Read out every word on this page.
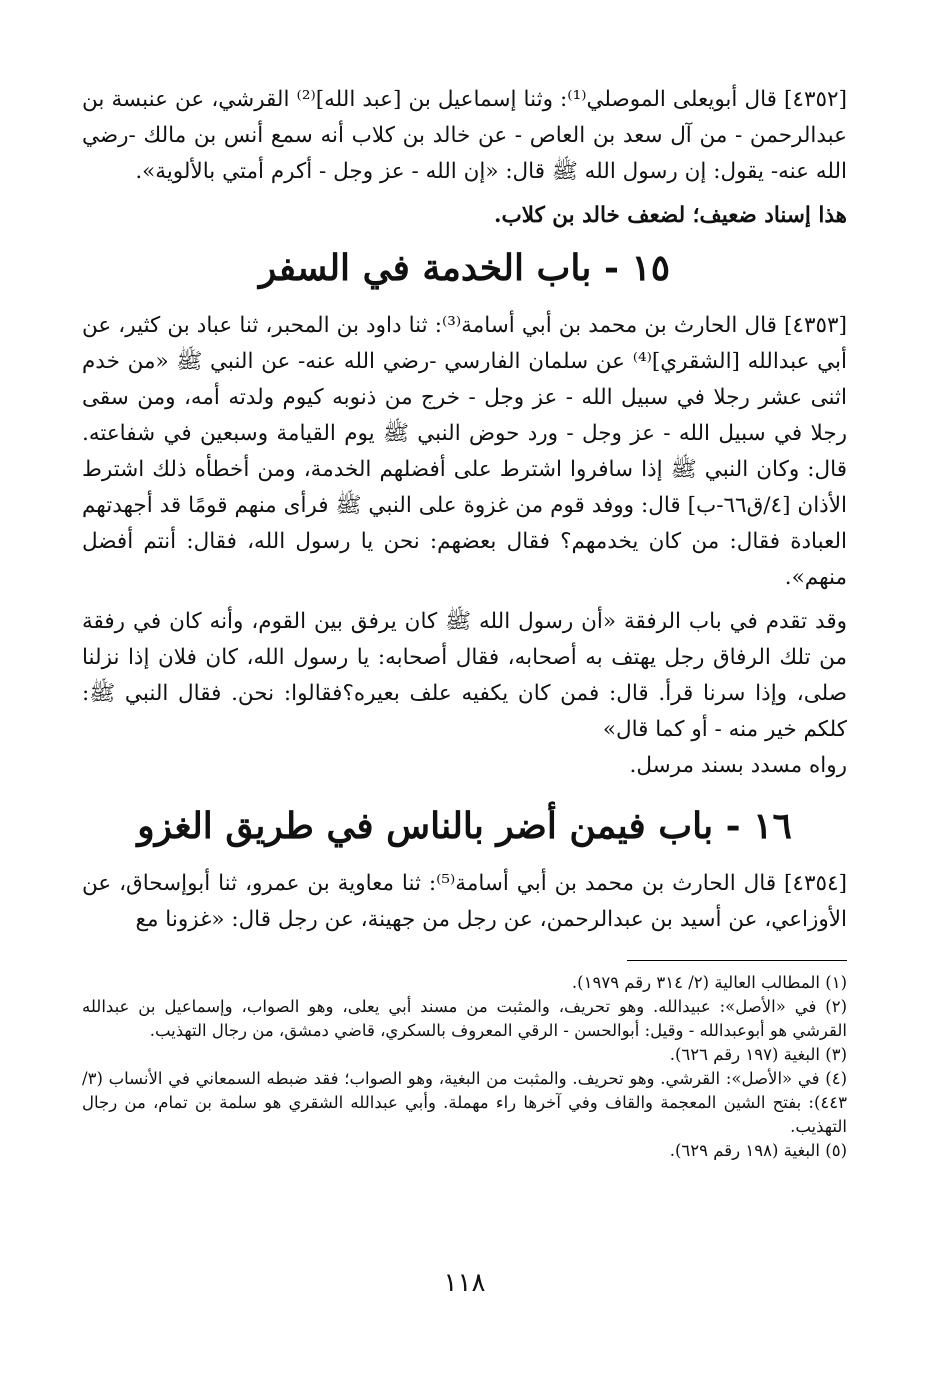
[٤٣٥٢] قال أبويعلى الموصلي⁽¹⁾: وثنا إسماعيل بن [عبد الله]⁽²⁾ القرشي، عن عنبسة بن عبدالرحمن - من آل سعد بن العاص - عن خالد بن كلاب أنه سمع أنس بن مالك -رضي الله عنه- يقول: إن رسول الله ﷺ قال: «إن الله - عز وجل - أكرم أمتي بالألوية».

هذا إسناد ضعيف؛ لضعف خالد بن كلاب.

١٥ - باب الخدمة في السفر

[٤٣٥٣] قال الحارث بن محمد بن أبي أسامة⁽³⁾: ثنا داود بن المحبر، ثنا عباد بن كثير، عن أبي عبدالله [الشقري]⁽⁴⁾ عن سلمان الفارسي -رضي الله عنه- عن النبي ﷺ «من خدم اثنى عشر رجلا في سبيل الله - عز وجل - خرج من ذنوبه كيوم ولدته أمه، ومن سقى رجلا في سبيل الله - عز وجل - ورد حوض النبي ﷺ يوم القيامة وسبعين في شفاعته. قال: وكان النبي ﷺ إذا سافروا اشترط على أفضلهم الخدمة، ومن أخطأه ذلك اشترط الأذان [٤/ق٦٦-ب] قال: ووفد قوم من غزوة على النبي ﷺ فرأى منهم قومًا قد أجهدتهم العبادة فقال: من كان يخدمهم؟ فقال بعضهم: نحن يا رسول الله، فقال: أنتم أفضل منهم».

وقد تقدم في باب الرفقة «أن رسول الله ﷺ كان يرفق بين القوم، وأنه كان في رفقة من تلك الرفاق رجل يهتف به أصحابه، فقال أصحابه: يا رسول الله، كان فلان إذا نزلنا صلى، وإذا سرنا قرأ. قال: فمن كان يكفيه علف بعيره؟فقالوا: نحن. فقال النبي ﷺ: كلكم خير منه - أو كما قال»

رواه مسدد بسند مرسل.

١٦ - باب فيمن أضر بالناس في طريق الغزو

[٤٣٥٤] قال الحارث بن محمد بن أبي أسامة⁽⁵⁾: ثنا معاوية بن عمرو، ثنا أبوإسحاق، عن الأوزاعي، عن أسيد بن عبدالرحمن، عن رجل من جهينة، عن رجل قال: «غزونا مع

(١) المطالب العالية (٢/ ٣١٤ رقم ١٩٧٩).

(٢) في «الأصل»: عبيدالله. وهو تحريف، والمثبت من مسند أبي يعلى، وهو الصواب، وإسماعيل بن عبدالله القرشي هو أبوعبدالله - وقيل: أبوالحسن - الرقي المعروف بالسكري، قاضي دمشق، من رجال التهذيب.

(٣) البغية (١٩٧ رقم ٦٢٦).

(٤) في «الأصل»: القرشي. وهو تحريف. والمثبت من البغية، وهو الصواب؛ فقد ضبطه السمعاني في الأنساب (٣/ ٤٤٣): بفتح الشين المعجمة والقاف وفي آخرها راء مهملة. وأبي عبدالله الشقري هو سلمة بن تمام، من رجال التهذيب.

(٥) البغية (١٩٨ رقم ٦٢٩).

١١٨
